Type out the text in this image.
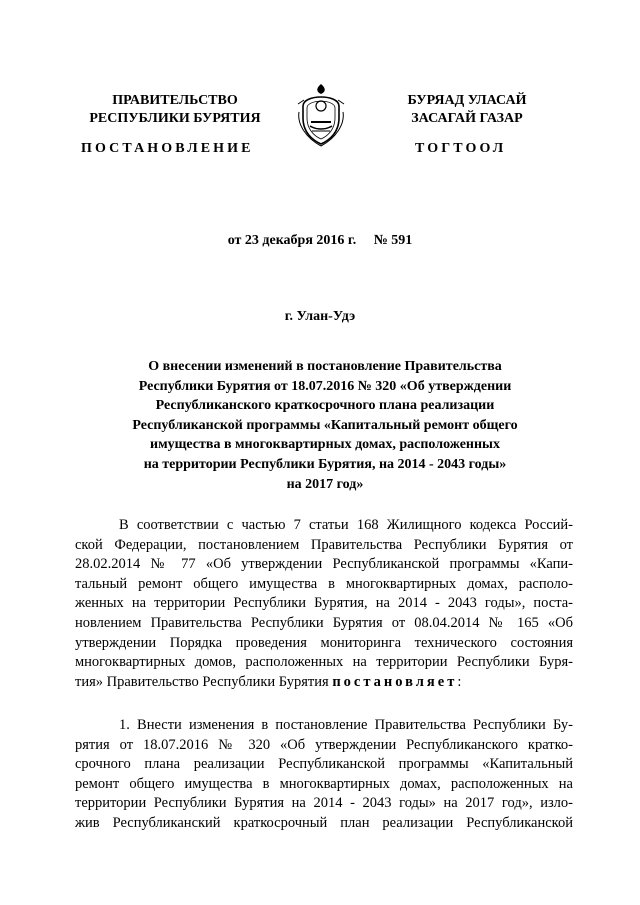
ПРАВИТЕЛЬСТВО
РЕСПУБЛИКИ БУРЯТИЯ
БУРЯАД УЛАСАЙ
ЗАСАГАЙ ГАЗАР
ПОСТАНОВЛЕНИЕ	ТОГТООЛ
от 23 декабря 2016 г. № 591
г. Улан-Удэ
О внесении изменений в постановление Правительства
Республики Бурятия от 18.07.2016 № 320 «Об утверждении
Республиканского краткосрочного плана реализации
Республиканской программы «Капитальный ремонт общего
имущества в многоквартирных домах, расположенных
на территории Республики Бурятия, на 2014 - 2043 годы»
на 2017 год»
В соответствии с частью 7 статьи 168 Жилищного кодекса Россий-
ской Федерации, постановлением Правительства Республики Бурятия от
28.02.2014 № 77 «Об утверждении Республиканской программы «Капи-
тальный ремонт общего имущества в многоквартирных домах, располо-
женных на территории Республики Бурятия, на 2014 - 2043 годы», поста-
новлением Правительства Республики Бурятия от 08.04.2014 № 165 «Об
утверждении Порядка проведения мониторинга технического состояния
многоквартирных домов, расположенных на территории Республики Буря-
тия» Правительство Республики Бурятия постановляет:
1. Внести изменения в постановление Правительства Республики Бу-
рятия от 18.07.2016 № 320 «Об утверждении Республиканского кратко-
срочного плана реализации Республиканской программы «Капитальный
ремонт общего имущества в многоквартирных домах, расположенных на
территории Республики Бурятия на 2014 - 2043 годы» на 2017 год», изло-
жив Республиканский краткосрочный план реализации Республиканской
